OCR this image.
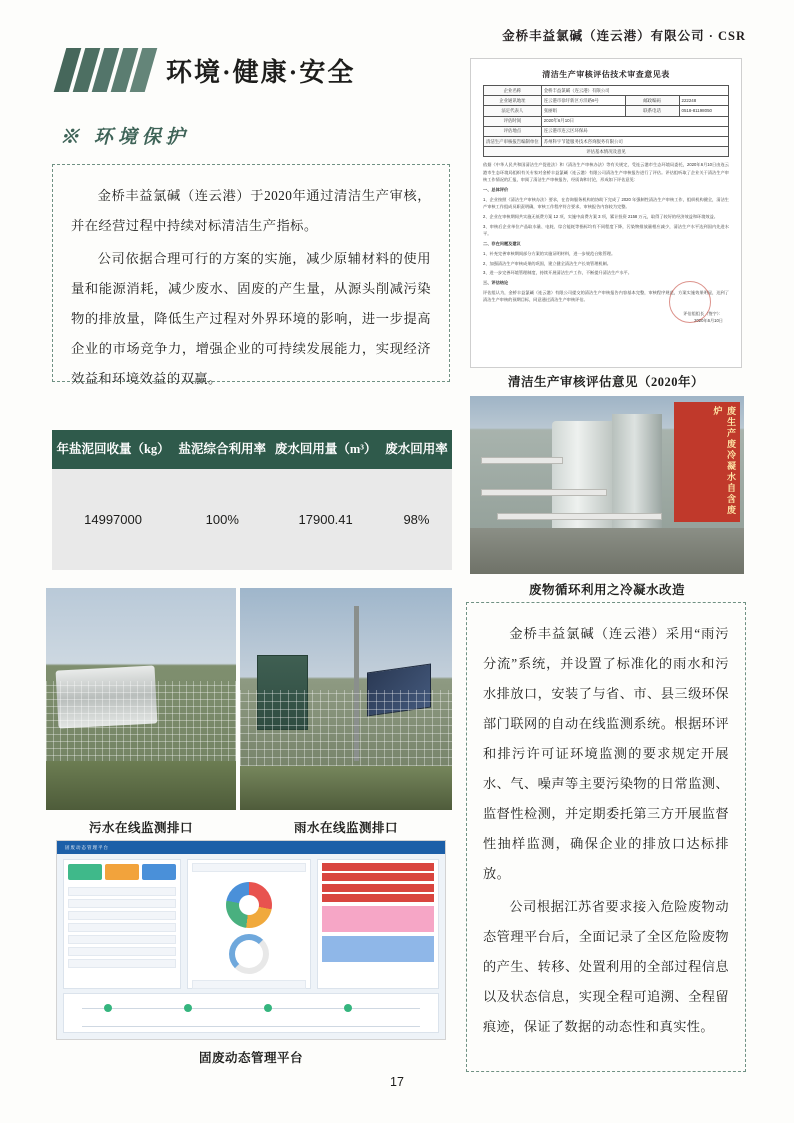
金桥丰益氯碱（连云港）有限公司 · CSR
环境·健康·安全
※ 环境保护

金桥丰益氯碱（连云港）于2020年通过清洁生产审核，并在经营过程中持续对标清洁生产指标。

公司依据合理可行的方案的实施，减少原辅材料的使用量和能源消耗，减少废水、固废的产生量，从源头削减污染物的排放量，降低生产过程对外界环境的影响，进一步提高企业的市场竞争力，增强企业的可持续发展能力，实现经济效益和环境效益的双赢。

清洁生产审核评估技术审查意见表
企业名称	金桥丰益氯碱（连云港）有限公司		
企业通讯地址	连云港市徐圩新区方洋路9号	邮政编码	222248
法定代表人	张丽娟	联系电话	0518-81198050
评估时间	2020年6月10日		
评估地点	连云港市连云区环保局		
清洁生产审核报告编制单位	苏州科宇节能服务技术咨询服务有限公司		
评估基本情况及意见			

依据《中华人民共和国清洁生产促进法》和《清洁生产审核办法》等有关规定，受连云港市生态环境局委托，2020年6月10日由连云港市生态环境局组织有关专家对金桥丰益氯碱（连云港）有限公司清洁生产审核报告进行了评估。评估组听取了企业关于清洁生产审核工作情况的汇报，审阅了清洁生产审核报告，经质询和讨论，形成如下评估意见：

一、总体评价

1、企业按照《清洁生产审核办法》要求，在咨询服务机构的协助下完成了 2020 年强制性清洁生产审核工作，组织机构健全，清洁生产审核工作组成员职责明确，审核工作程序符合要求，审核报告内容较为完整。

2、企业在审核期间共实施无低费方案 12 项，实施中高费方案 3 项，累计投资 2158 万元，取得了较好的经济效益和环境效益。

3、审核后企业单位产品取水量、电耗、综合能耗等指标均有不同程度下降，污染物排放量相应减少，清洁生产水平达到国内先进水平。

二、存在问题及建议

1、补充完善审核期间部分方案的实施证明材料，进一步规范台账管理。

2、加强清洁生产审核成果的巩固，建立健全清洁生产长效管理机制。

3、进一步完善环境管理制度，持续开展清洁生产工作，不断提升清洁生产水平。

三、评估结论

评估组认为，金桥丰益氯碱（连云港）有限公司提交的清洁生产审核报告内容基本完整，审核程序规范，方案实施效果明显，达到了清洁生产审核的预期目标，同意通过清洁生产审核评估。

评估组组长（签字）：
2020年6月10日
清洁生产审核评估意见（2020年）
年盐泥回收量（kg）	盐泥综合利用率	废水回用量（m³）	废水回用率
14997000	100%	17900.41	98%
废生产废冷凝水自含废炉
废物循环利用之冷凝水改造
污水在线监测排口	雨水在线监测排口
固废动态管理平台
固废动态管理平台

金桥丰益氯碱（连云港）采用“雨污分流”系统，并设置了标准化的雨水和污水排放口，安装了与省、市、县三级环保部门联网的自动在线监测系统。根据环评和排污许可证环境监测的要求规定开展水、气、噪声等主要污染物的日常监测、监督性检测，并定期委托第三方开展监督性抽样监测，确保企业的排放口达标排放。

公司根据江苏省要求接入危险废物动态管理平台后，全面记录了全区危险废物的产生、转移、处置利用的全部过程信息以及状态信息，实现全程可追溯、全程留痕迹，保证了数据的动态性和真实性。

17
